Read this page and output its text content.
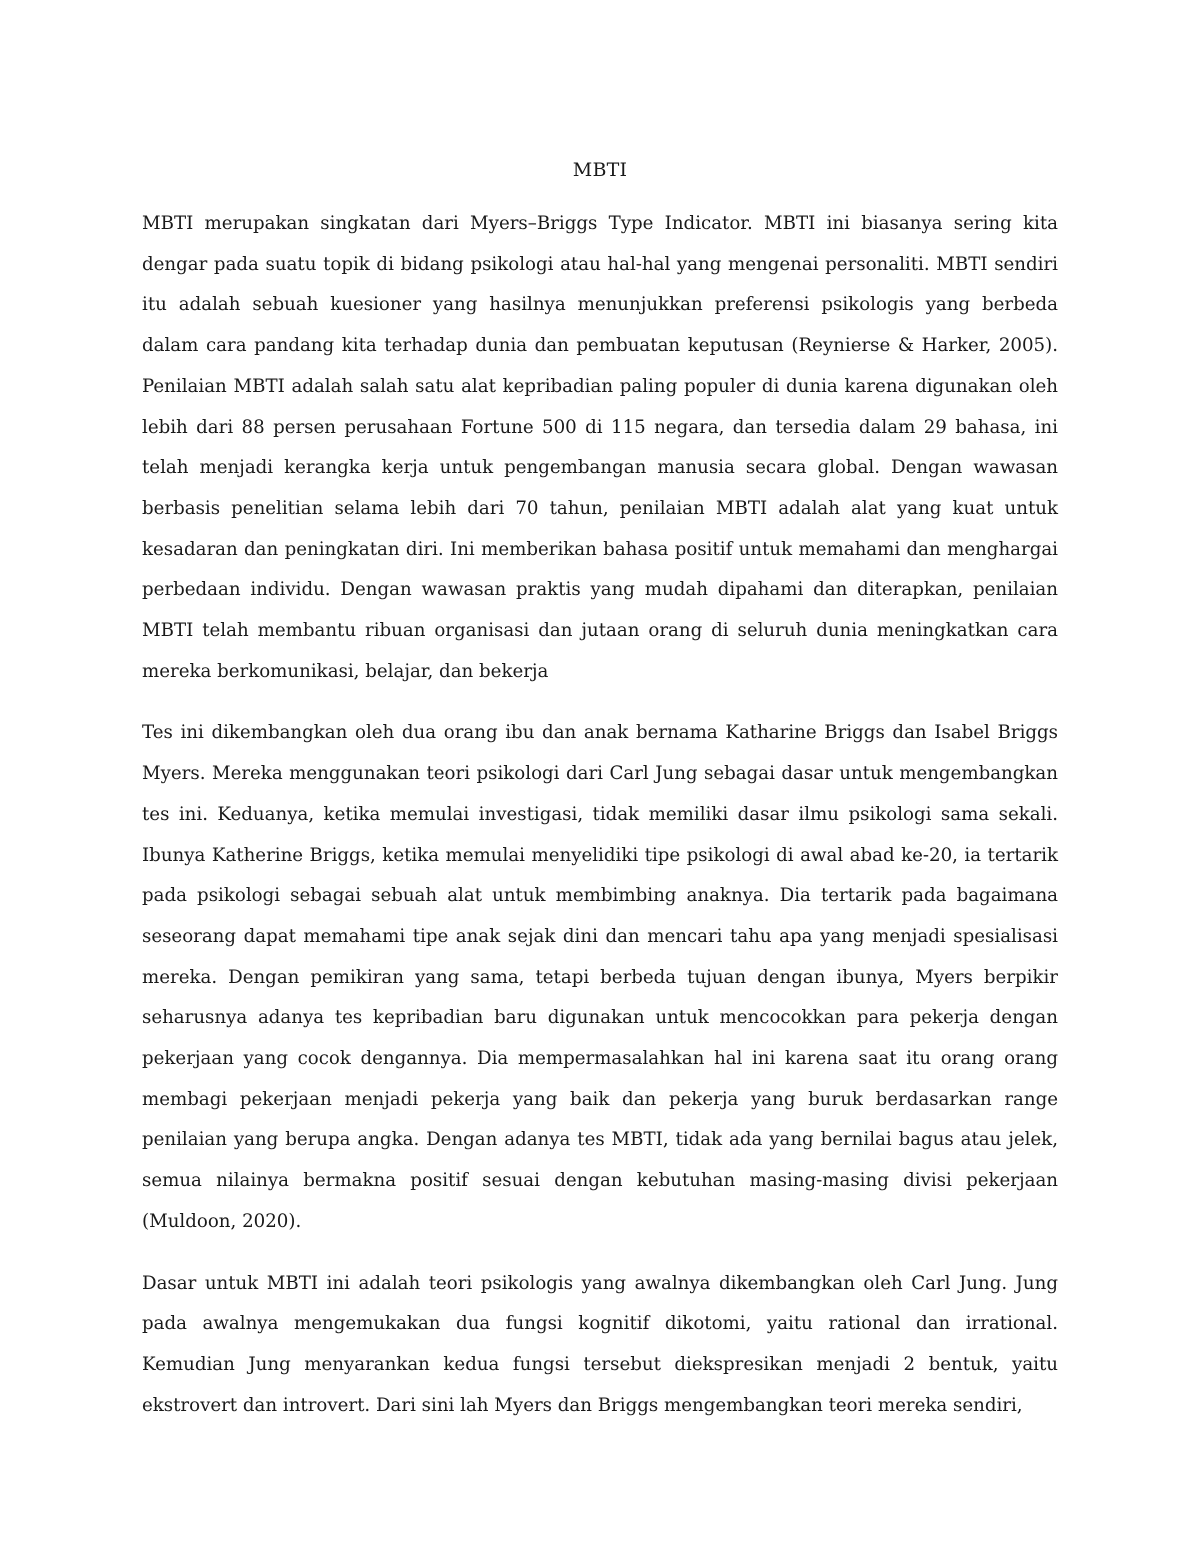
MBTI

MBTI merupakan singkatan dari Myers–Briggs Type Indicator. MBTI ini biasanya sering kita dengar pada suatu topik di bidang psikologi atau hal-hal yang mengenai personaliti. MBTI sendiri itu adalah sebuah kuesioner yang hasilnya menunjukkan preferensi psikologis yang berbeda dalam cara pandang kita terhadap dunia dan pembuatan keputusan (Reynierse & Harker, 2005). Penilaian MBTI adalah salah satu alat kepribadian paling populer di dunia karena digunakan oleh lebih dari 88 persen perusahaan Fortune 500 di 115 negara, dan tersedia dalam 29 bahasa, ini telah menjadi kerangka kerja untuk pengembangan manusia secara global. Dengan wawasan berbasis penelitian selama lebih dari 70 tahun, penilaian MBTI adalah alat yang kuat untuk kesadaran dan peningkatan diri. Ini memberikan bahasa positif untuk memahami dan menghargai perbedaan individu. Dengan wawasan praktis yang mudah dipahami dan diterapkan, penilaian MBTI telah membantu ribuan organisasi dan jutaan orang di seluruh dunia meningkatkan cara mereka berkomunikasi, belajar, dan bekerja

Tes ini dikembangkan oleh dua orang ibu dan anak bernama Katharine Briggs dan Isabel Briggs Myers. Mereka menggunakan teori psikologi dari Carl Jung sebagai dasar untuk mengembangkan tes ini. Keduanya, ketika memulai investigasi, tidak memiliki dasar ilmu psikologi sama sekali. Ibunya Katherine Briggs, ketika memulai menyelidiki tipe psikologi di awal abad ke-20, ia tertarik pada psikologi sebagai sebuah alat untuk membimbing anaknya. Dia tertarik pada bagaimana seseorang dapat memahami tipe anak sejak dini dan mencari tahu apa yang menjadi spesialisasi mereka. Dengan pemikiran yang sama, tetapi berbeda tujuan dengan ibunya, Myers berpikir seharusnya adanya tes kepribadian baru digunakan untuk mencocokkan para pekerja dengan pekerjaan yang cocok dengannya. Dia mempermasalahkan hal ini karena saat itu orang orang membagi pekerjaan menjadi pekerja yang baik dan pekerja yang buruk berdasarkan range penilaian yang berupa angka. Dengan adanya tes MBTI, tidak ada yang bernilai bagus atau jelek, semua nilainya bermakna positif sesuai dengan kebutuhan masing-masing divisi pekerjaan (Muldoon, 2020).

Dasar untuk MBTI ini adalah teori psikologis yang awalnya dikembangkan oleh Carl Jung. Jung pada awalnya mengemukakan dua fungsi kognitif dikotomi, yaitu rational dan irrational. Kemudian Jung menyarankan kedua fungsi tersebut diekspresikan menjadi 2 bentuk, yaitu ekstrovert dan introvert. Dari sini lah Myers dan Briggs mengembangkan teori mereka sendiri,
